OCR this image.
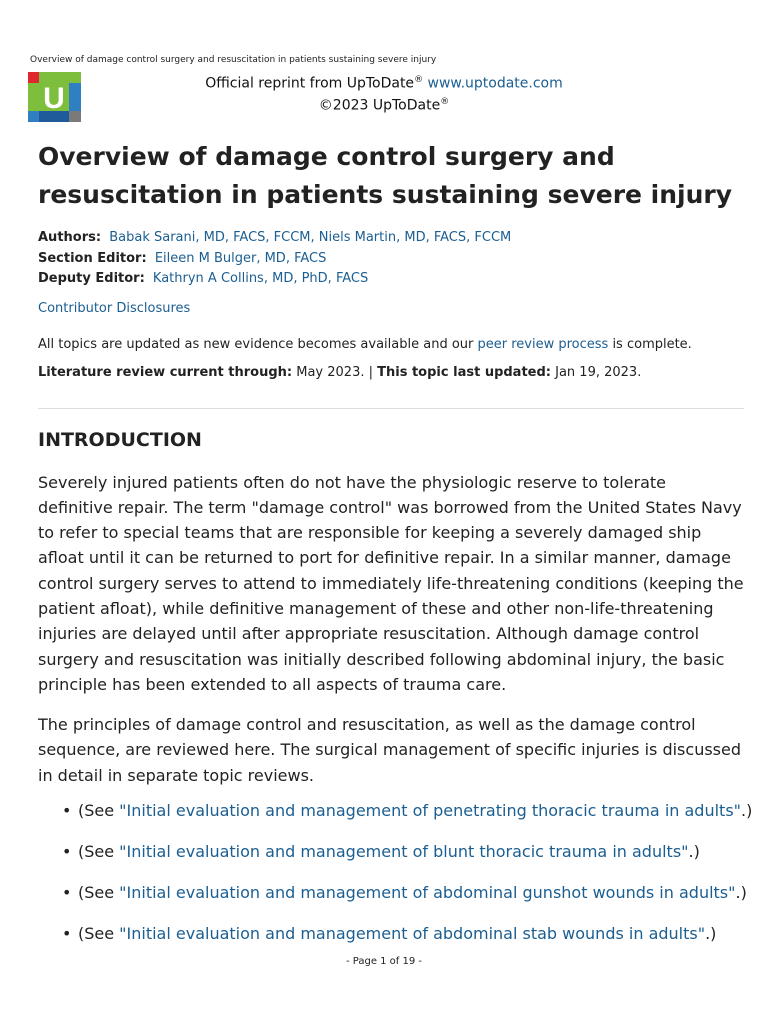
Overview of damage control surgery and resuscitation in patients sustaining severe injury
U	Official reprint from UpToDate® www.uptodate.com
©2023 UpToDate®
Overview of damage control surgery and resuscitation in patients sustaining severe injury
Authors: Babak Sarani, MD, FACS, FCCM, Niels Martin, MD, FACS, FCCM
Section Editor: Eileen M Bulger, MD, FACS
Deputy Editor: Kathryn A Collins, MD, PhD, FACS
Contributor Disclosures
All topics are updated as new evidence becomes available and our peer review process is complete.
Literature review current through: May 2023. | This topic last updated: Jan 19, 2023.
INTRODUCTION

Severely injured patients often do not have the physiologic reserve to tolerate definitive repair. The term "damage control" was borrowed from the United States Navy to refer to special teams that are responsible for keeping a severely damaged ship afloat until it can be returned to port for definitive repair. In a similar manner, damage control surgery serves to attend to immediately life-threatening conditions (keeping the patient afloat), while definitive management of these and other non-life-threatening injuries are delayed until after appropriate resuscitation. Although damage control surgery and resuscitation was initially described following abdominal injury, the basic principle has been extended to all aspects of trauma care.

The principles of damage control and resuscitation, as well as the damage control sequence, are reviewed here. The surgical management of specific injuries is discussed in detail in separate topic reviews.

• (See "Initial evaluation and management of penetrating thoracic trauma in adults".)
• (See "Initial evaluation and management of blunt thoracic trauma in adults".)
• (See "Initial evaluation and management of abdominal gunshot wounds in adults".)
• (See "Initial evaluation and management of abdominal stab wounds in adults".)
- Page 1 of 19 -
